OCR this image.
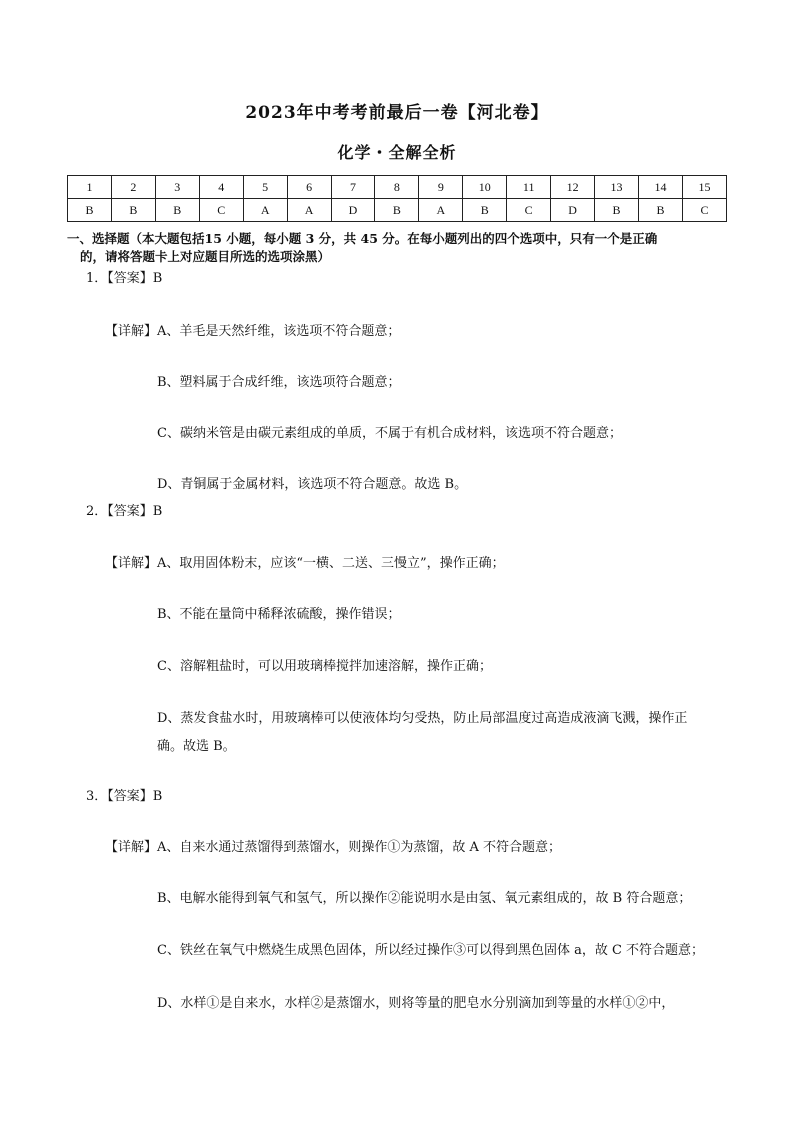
2023年中考考前最后一卷【河北卷】
化学・全解全析
1	2	3	4	5	6	7	8	9	10	11	12	13	14	15
B	B	B	C	A	A	D	B	A	B	C	D	B	B	C
一、选择题（本大题包括15 小题，每小题 3 分，共 45 分。在每小题列出的四个选项中，只有一个是正确
的，请将答题卡上对应题目所选的选项涂黑）
1．【答案】B
【详解】A、羊毛是天然纤维，该选项不符合题意；
B、塑料属于合成纤维，该选项符合题意；
C、碳纳米管是由碳元素组成的单质，不属于有机合成材料，该选项不符合题意；
D、青铜属于金属材料，该选项不符合题意。故选 B。
2．【答案】B
【详解】A、取用固体粉末，应该“一横、二送、三慢立”，操作正确；
B、不能在量筒中稀释浓硫酸，操作错误；
C、溶解粗盐时，可以用玻璃棒搅拌加速溶解，操作正确；
D、蒸发食盐水时，用玻璃棒可以使液体均匀受热，防止局部温度过高造成液滴飞溅，操作正
确。故选 B。
3．【答案】B
【详解】A、自来水通过蒸馏得到蒸馏水，则操作①为蒸馏，故 A 不符合题意；
B、电解水能得到氧气和氢气，所以操作②能说明水是由氢、氧元素组成的，故 B 符合题意；
C、铁丝在氧气中燃烧生成黑色固体，所以经过操作③可以得到黑色固体 a，故 C 不符合题意；
D、水样①是自来水，水样②是蒸馏水，则将等量的肥皂水分别滴加到等量的水样①②中，
